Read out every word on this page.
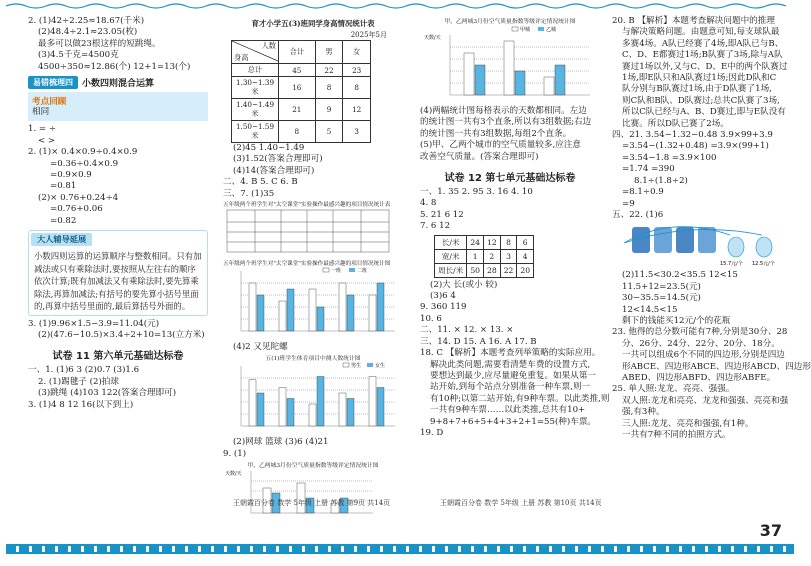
2. (1)42÷2.25≈18.67(千米)

(2)48.4÷2.1≈23.05(枚)

最多可以做23根这样的短跳绳。

(3)4.5千克=4500克

4500÷350≈12.86(个) 12+1=13(个)

易错梳理四	小数四则混合运算
考点回顾
相同

1. = ÷

< >

2. (1)× 0.4×0.9÷0.4×0.9

=0.36÷0.4×0.9

=0.9×0.9

=0.81

(2)× 0.76+0.24÷4

=0.76+0.06

=0.82

大人辅导延展
小数四则运算的运算顺序与整数相同。只有加减法或只有乘除法时,要按照从左往右的顺序依次计算;既有加减法又有乘除法时,要先算乘除法,再算加减法;有括号的要先算小括号里面的,再算中括号里面的,最后算括号外面的。

3. (1)9.96×1.5−3.9=11.04(元)

(2)(47.6−10.5)×3.4÷2+10=13(立方米)

试卷 11 第六单元基础达标卷

一、1. (1)6 3 (2)0.7 (3)1.6

2. (1)踢毽子 (2)拍球

(3)跳绳 (4)103 122(答案合理即可)

3. (1)4 8 12 16(以下到上)

育才小学五(3)班同学身高情况统计表
2025年5月
人数
身高	合计	男	女
总计	45	22	23
1.30~1.39米	16	8	8
1.40~1.49米	21	9	12
1.50~1.59米	8	5	3

(2)45 1.40~1.49

(3)1.52(答案合理即可)

(4)14(答案合理即可)

二、4. B 5. C 6. B

三、7. (1)35

五年级两个班学生对"太空课堂"实验操作最感兴趣的项目情况统计表
五年级两个班学生对"太空课堂"实验操作最感兴趣的项目情况统计图
一班	二班

(4)2 又见陀螺

五(1)班学生体育项目中测人数统计图
男生	女生

(2)网球 篮球 (3)6 (4)21

9. (1)

甲、乙两城3月份空气质量指数等级评定情况统计图
天数/天
王朝霞百分卷 数学 5年级 上册 苏教 第9页 共14页
甲、乙两城3月份空气质量指数等级评定情况统计图
天数/天
甲城	乙城

(4)两幅统计图每格表示的天数都相同。左边

的统计图一共有3个直条,所以有3组数据;右边

的统计图一共有3组数据,每组2个直条。

(5)甲、乙两个城市的空气质量较多,应注意

改善空气质量。(答案合理即可)

试卷 12 第七单元基础达标卷

一、1. 35 2. 95 3. 16 4. 10

4. 8

5. 21 6 12

7. 6 12

长/米	24	12	8	6
宽/米	1	2	3	4
周长/米	50	28	22	20

(2)大 长(或小 较)

(3)6 4

9. 360 119

10. 6

二、11. × 12. × 13. ×

三、14. D 15. A 16. A 17. B

18. C 【解析】本题考查列举策略的实际应用。

解决此类问题,需要看清楚车费的设置方式,

要想达到最少,应尽量避免重复。如果从第一

站开始,到每个站点分别准备一种车票,则一

有10种;以第二站开始,有9种车票。以此类推,则

一共有9种车票……以此类推,总共有10+

9+8+7+6+5+4+3+2+1=55(种)车票。

19. D

王朝霞百分卷 数学 5年级 上册 苏教 第10页 共14页

20. B 【解析】本题考查解决问题中的推理

与解决策略问题。由题意可知,每支球队最

多赛4场。A队已经赛了4场,即A队已与B、

C、D、E都赛过1场;B队赛了3场,除与A队

赛过1场以外,又与C、D、E中的两个队赛过

1场,即E队只和A队赛过1场;因此D队和C

队分别与B队赛过1场,由于D队赛了1场,

则C队和B队、D队赛过;总共C队赛了3场,

所以C队已经与A、B、D赛过,即与E队没有

比赛。所以D队已赛了2场。

四、21. 3.54−1.32−0.48 3.9×99+3.9

=3.54−(1.32+0.48) =3.9×(99+1)

=3.54−1.8 =3.9×100

=1.74 =390

8.1÷(1.8÷2)

=8.1÷0.9

=9

五、22. (1)6

15.7元/个 12.5元/个

(2)11.5<30.2<35.5 12<15

11.5+12=23.5(元)

30−35.5=14.5(元)

12<14.5<15

剩下的钱能买12元/个的花瓶

23. 他得的总分数可能有7种,分别是30分、28

分、26分、24分、22分、20分、18分。

一共可以组成6个不同的四边形,分别是四边

形ABCE、四边形ABCE、四边形ABCD、四边形

ABED、四边形ABFD、四边形ABFE。

25. 单人照:龙龙、亮亮、强强。

双人照:龙龙和亮亮、龙龙和强强、亮亮和强

强,有3种。

三人照:龙龙、亮亮和强强,有1种。

一共有7种不同的拍照方式。

37
